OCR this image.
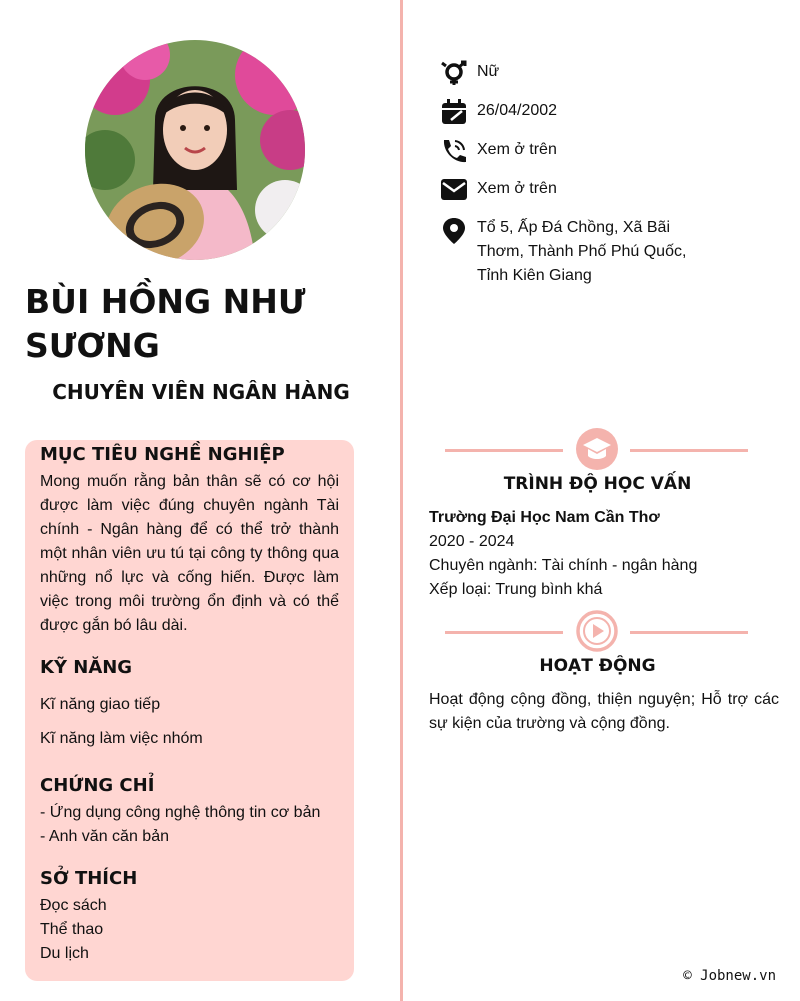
BÙI HỒNG NHƯ SƯƠNG
CHUYÊN VIÊN NGÂN HÀNG
MỤC TIÊU NGHỀ NGHIỆP

Mong muốn rằng bản thân sẽ có cơ hội được làm việc đúng chuyên ngành Tài chính - Ngân hàng để có thể trở thành một nhân viên ưu tú tại công ty thông qua những nổ lực và cống hiến. Được làm việc trong môi trường ổn định và có thể được gắn bó lâu dài.

KỸ NĂNG

Kĩ năng giao tiếp

Kĩ năng làm việc nhóm

CHỨNG CHỈ

- Ứng dụng công nghệ thông tin cơ bản

- Anh văn căn bản

SỞ THÍCH

Đọc sách

Thể thao

Du lịch

Nữ
26/04/2002
Xem ở trên
Xem ở trên
Tổ 5, Ấp Đá Chồng, Xã Bãi Thơm, Thành Phố Phú Quốc, Tỉnh Kiên Giang
TRÌNH ĐỘ HỌC VẤN

Trường Đại Học Nam Cần Thơ

2020 - 2024

Chuyên ngành: Tài chính - ngân hàng

Xếp loại: Trung bình khá

HOẠT ĐỘNG

Hoạt động cộng đồng, thiện nguyện; Hỗ trợ các sự kiện của trường và cộng đồng.

© Jobnew.vn
